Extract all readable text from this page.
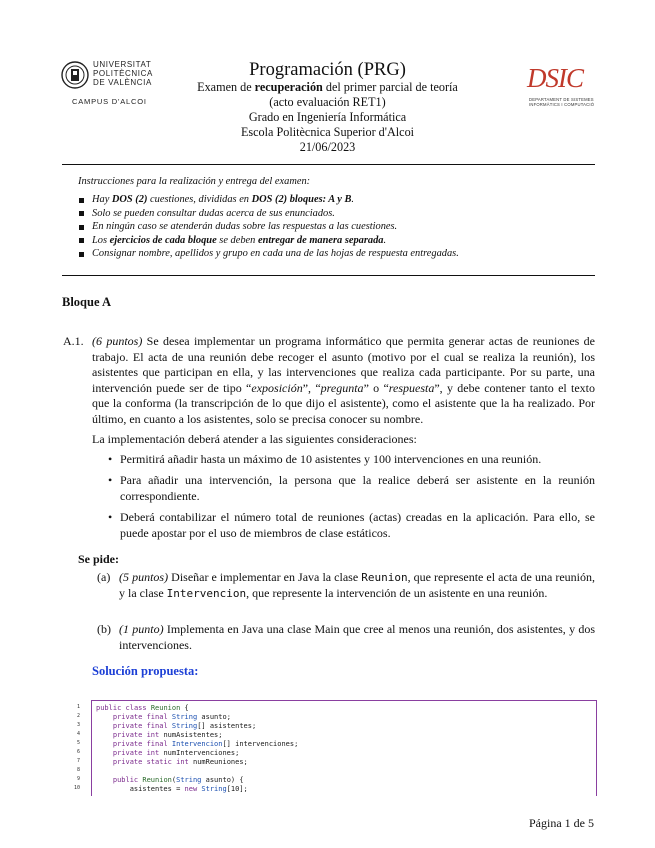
UNIVERSITAT
POLITÈCNICA
DE VALÈNCIA
CAMPUS D'ALCOI
DSIC
DEPARTAMENT DE SISTEMES INFORMÀTICS I COMPUTACIÓ
Programación (PRG)
Examen de recuperación del primer parcial de teoría
(acto evaluación RET1)
Grado en Ingeniería Informática
Escola Politècnica Superior d'Alcoi
21/06/2023
Instrucciones para la realización y entrega del examen:
Hay DOS (2) cuestiones, divididas en DOS (2) bloques: A y B.
Solo se pueden consultar dudas acerca de sus enunciados.
En ningún caso se atenderán dudas sobre las respuestas a las cuestiones.
Los ejercicios de cada bloque se deben entregar de manera separada.
Consignar nombre, apellidos y grupo en cada una de las hojas de respuesta entregadas.
Bloque A
A.1. (6 puntos) Se desea implementar un programa informático que permita generar actas de reuniones de trabajo. El acta de una reunión debe recoger el asunto (motivo por el cual se realiza la reunión), los asistentes que participan en ella, y las intervenciones que realiza cada participante. Por su parte, una intervención puede ser de tipo “exposición”, “pregunta” o “respuesta”, y debe contener tanto el texto que la conforma (la transcripción de lo que dijo el asistente), como el asistente que la ha realizado. Por último, en cuanto a los asistentes, solo se precisa conocer su nombre.

La implementación deberá atender a las siguientes consideraciones:

• Permitirá añadir hasta un máximo de 10 asistentes y 100 intervenciones en una reunión.
• Para añadir una intervención, la persona que la realice deberá ser asistente en la reunión correspondiente.
• Deberá contabilizar el número total de reuniones (actas) creadas en la aplicación. Para ello, se puede apostar por el uso de miembros de clase estáticos.
Se pide:
(a) (5 puntos) Diseñar e implementar en Java la clase Reunion, que represente el acta de una reunión, y la clase Intervencion, que represente la intervención de un asistente en una reunión.
(b) (1 punto) Implementa en Java una clase Main que cree al menos una reunión, dos asistentes, y dos intervenciones.
Solución propuesta:
1
2
3
4
5
6
7
8
9
10
public class Reunion {
private final String asunto;
private final String[] asistentes;
private int numAsistentes;
private final Intervencion[] intervenciones;
private int numIntervenciones;
private static int numReuniones;
public Reunion(String asunto) {
asistentes = new String[10];
Página 1 de 5
